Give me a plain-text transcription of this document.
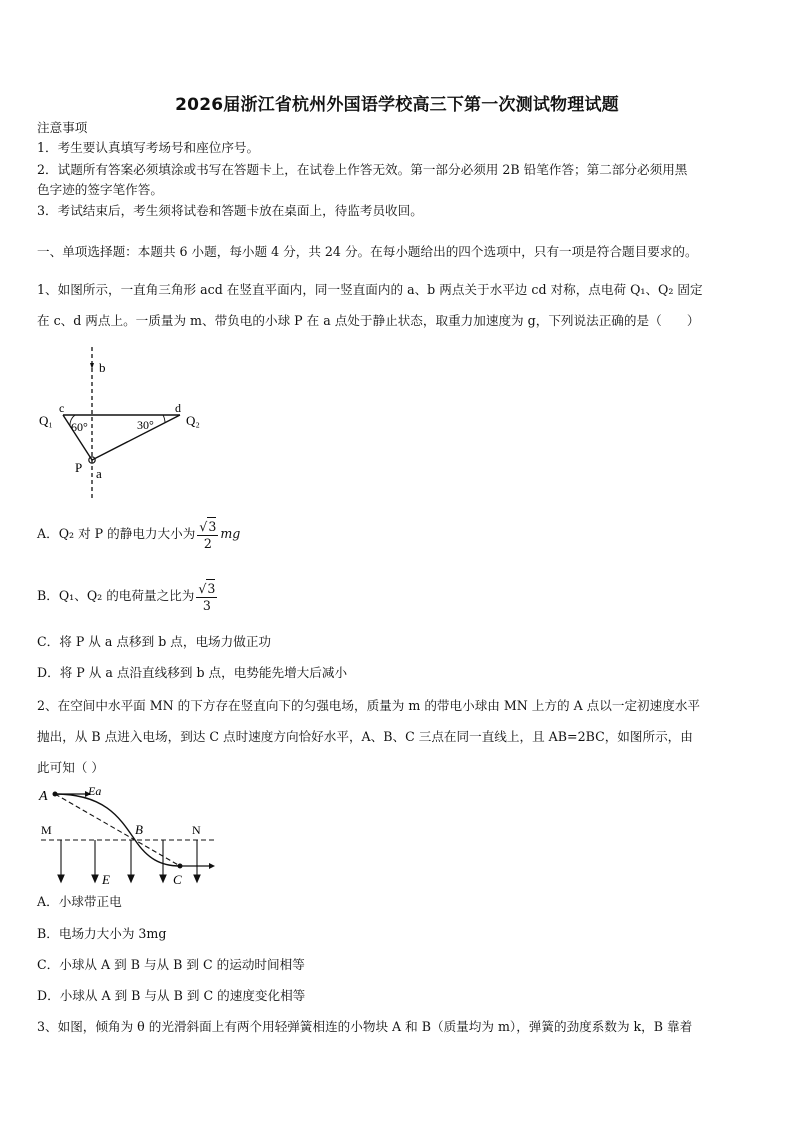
2026届浙江省杭州外国语学校高三下第一次测试物理试题
注意事项
1．考生要认真填写考场号和座位序号。
2．试题所有答案必须填涂或书写在答题卡上，在试卷上作答无效。第一部分必须用 2B 铅笔作答；第二部分必须用黑
色字迹的签字笔作答。
3．考试结束后，考生须将试卷和答题卡放在桌面上，待监考员收回。
一、单项选择题：本题共 6 小题，每小题 4 分，共 24 分。在每小题给出的四个选项中，只有一项是符合题目要求的。
1、如图所示，一直角三角形 acd 在竖直平面内，同一竖直面内的 a、b 两点关于水平边 cd 对称，点电荷 Q₁、Q₂ 固定
在 c、d 两点上。一质量为 m、带负电的小球 P 在 a 点处于静止状态，取重力加速度为 g，下列说法正确的是（　　）
b
c	d
Q₁	Q₂
60°	30°
P a
A．Q₂ 对 P 的静电力大小为 $\frac{√3}{2}$ mg
B．Q₁、Q₂ 的电荷量之比为 $\frac{√3}{3}$
C．将 P 从 a 点移到 b 点，电场力做正功
D．将 P 从 a 点沿直线移到 b 点，电势能先增大后减小
2、在空间中水平面 MN 的下方存在竖直向下的匀强电场，质量为 m 的带电小球由 MN 上方的 A 点以一定初速度水平
抛出，从 B 点进入电场，到达 C 点时速度方向恰好水平，A、B、C 三点在同一直线上，且 AB=2BC，如图所示，由
此可知（ ）
A	Ea
M	B	N
E	C
A．小球带正电
B．电场力大小为 3mg
C．小球从 A 到 B 与从 B 到 C 的运动时间相等
D．小球从 A 到 B 与从 B 到 C 的速度变化相等
3、如图，倾角为 θ 的光滑斜面上有两个用轻弹簧相连的小物块 A 和 B（质量均为 m），弹簧的劲度系数为 k，B 靠着
